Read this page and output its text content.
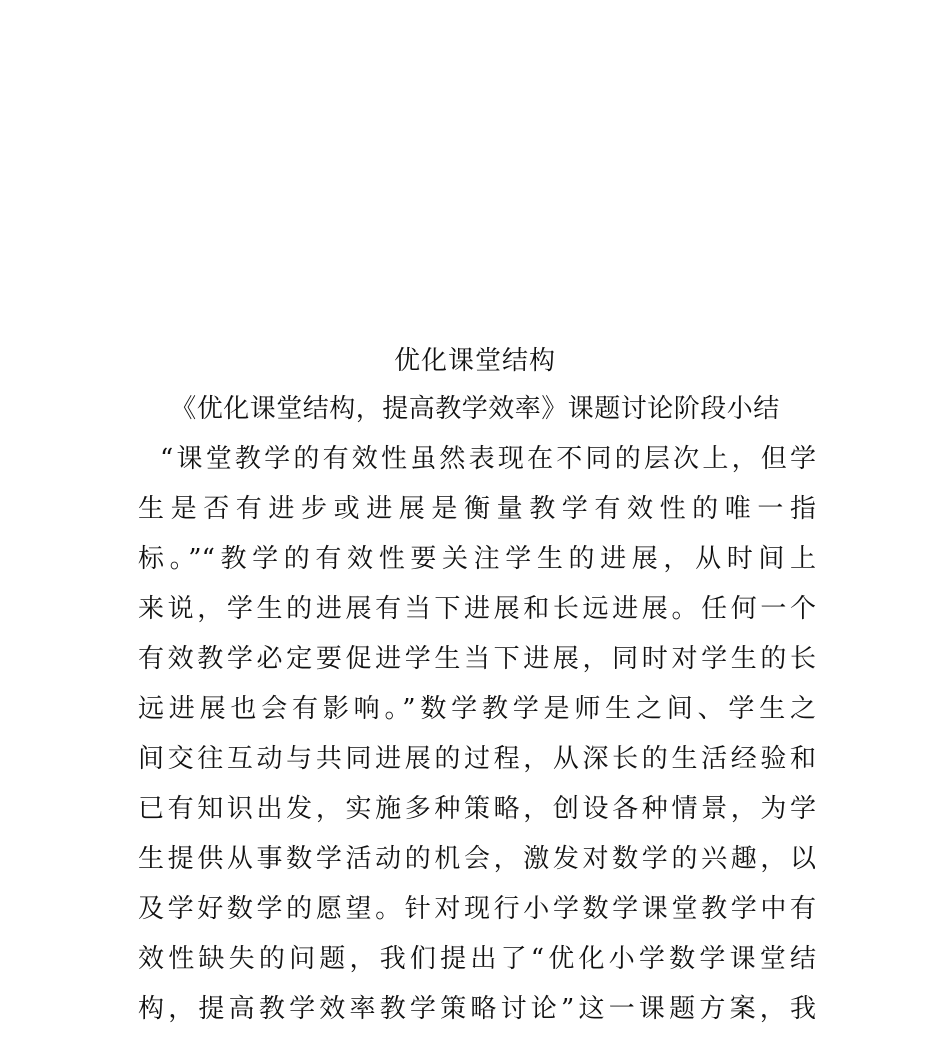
优化课堂结构
《优化课堂结构，提高教学效率》课题讨论阶段小结
“课堂教学的有效性虽然表现在不同的层次上，但学
生是否有进步或进展是衡量教学有效性的唯一指
标。”“教学的有效性要关注学生的进展，从时间上
来说，学生的进展有当下进展和长远进展。任何一个
有效教学必定要促进学生当下进展，同时对学生的长
远进展也会有影响。”数学教学是师生之间、学生之
间交往互动与共同进展的过程，从深长的生活经验和
已有知识出发，实施多种策略，创设各种情景，为学
生提供从事数学活动的机会，激发对数学的兴趣，以
及学好数学的愿望。针对现行小学数学课堂教学中有
效性缺失的问题，我们提出了“优化小学数学课堂结
构，提高教学效率教学策略讨论”这一课题方案，我
